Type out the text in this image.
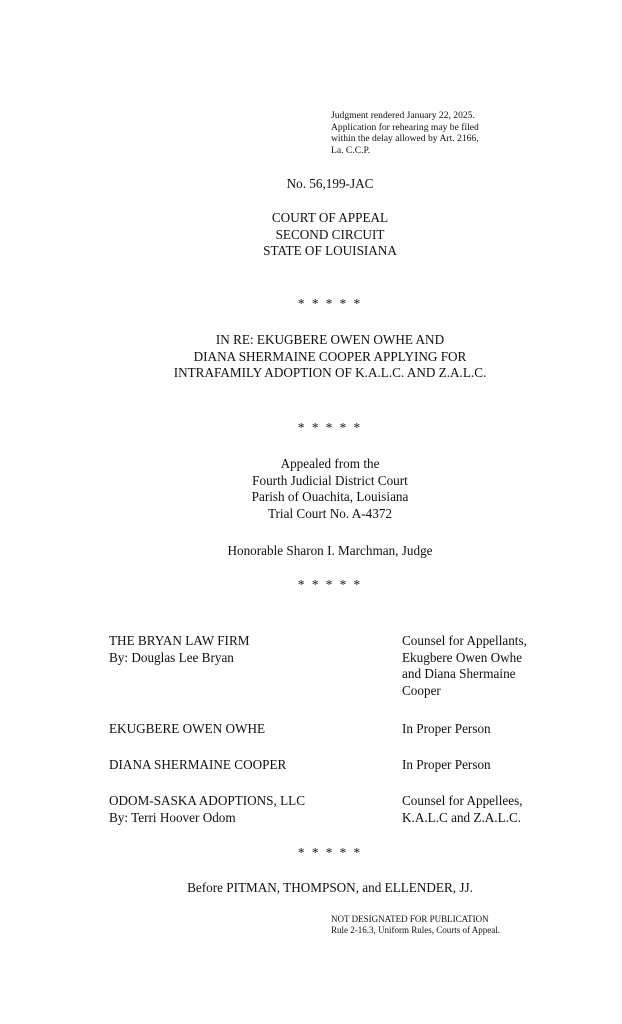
Judgment rendered January 22, 2025.
Application for rehearing may be filed
within the delay allowed by Art. 2166,
La. C.C.P.
No. 56,199-JAC
COURT OF APPEAL
SECOND CIRCUIT
STATE OF LOUISIANA
* * * * *
IN RE: EKUGBERE OWEN OWHE AND
DIANA SHERMAINE COOPER APPLYING FOR
INTRAFAMILY ADOPTION OF K.A.L.C. AND Z.A.L.C.
* * * * *
Appealed from the
Fourth Judicial District Court
Parish of Ouachita, Louisiana
Trial Court No. A-4372
Honorable Sharon I. Marchman, Judge
* * * * *
THE BRYAN LAW FIRM
By: Douglas Lee Bryan
Counsel for Appellants,
Ekugbere Owen Owhe
and Diana Shermaine
Cooper
EKUGBERE OWEN OWHE	In Proper Person
DIANA SHERMAINE COOPER	In Proper Person
ODOM-SASKA ADOPTIONS, LLC
By: Terri Hoover Odom
Counsel for Appellees,
K.A.L.C and Z.A.L.C.
* * * * *
Before PITMAN, THOMPSON, and ELLENDER, JJ.
NOT DESIGNATED FOR PUBLICATION
Rule 2-16.3, Uniform Rules, Courts of Appeal.
